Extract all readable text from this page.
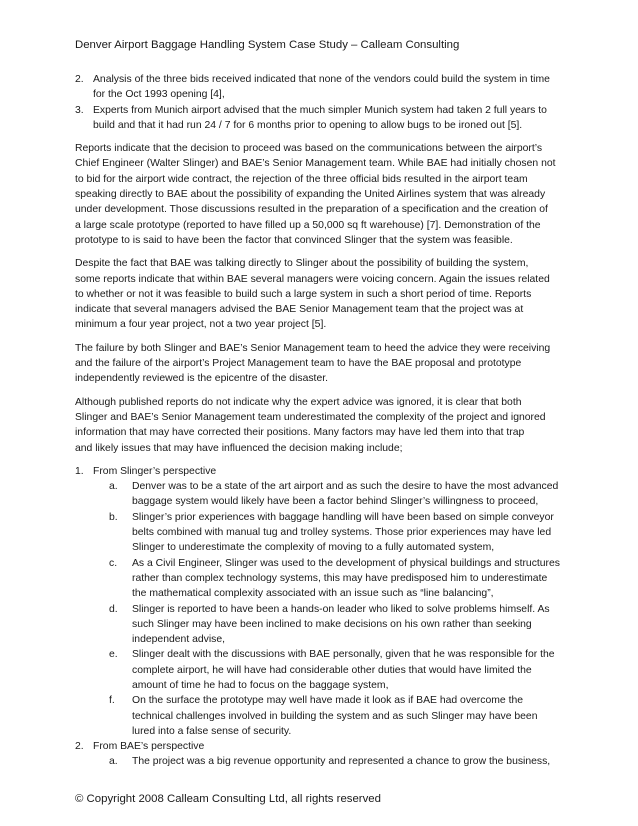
Denver Airport Baggage Handling System Case Study – Calleam Consulting
2. Analysis of the three bids received indicated that none of the vendors could build the system in time
for the Oct 1993 opening [4],
3. Experts from Munich airport advised that the much simpler Munich system had taken 2 full years to
build and that it had run 24 / 7 for 6 months prior to opening to allow bugs to be ironed out [5].
Reports indicate that the decision to proceed was based on the communications between the airport’s
Chief Engineer (Walter Slinger) and BAE’s Senior Management team. While BAE had initially chosen not
to bid for the airport wide contract, the rejection of the three official bids resulted in the airport team
speaking directly to BAE about the possibility of expanding the United Airlines system that was already
under development. Those discussions resulted in the preparation of a specification and the creation of
a large scale prototype (reported to have filled up a 50,000 sq ft warehouse) [7]. Demonstration of the
prototype to is said to have been the factor that convinced Slinger that the system was feasible.
Despite the fact that BAE was talking directly to Slinger about the possibility of building the system,
some reports indicate that within BAE several managers were voicing concern. Again the issues related
to whether or not it was feasible to build such a large system in such a short period of time. Reports
indicate that several managers advised the BAE Senior Management team that the project was at
minimum a four year project, not a two year project [5].
The failure by both Slinger and BAE’s Senior Management team to heed the advice they were receiving
and the failure of the airport’s Project Management team to have the BAE proposal and prototype
independently reviewed is the epicentre of the disaster.
Although published reports do not indicate why the expert advice was ignored, it is clear that both
Slinger and BAE’s Senior Management team underestimated the complexity of the project and ignored
information that may have corrected their positions. Many factors may have led them into that trap
and likely issues that may have influenced the decision making include;
1. From Slinger’s perspective
a. Denver was to be a state of the art airport and as such the desire to have the most advanced
baggage system would likely have been a factor behind Slinger’s willingness to proceed,
b. Slinger’s prior experiences with baggage handling will have been based on simple conveyor
belts combined with manual tug and trolley systems. Those prior experiences may have led
Slinger to underestimate the complexity of moving to a fully automated system,
c. As a Civil Engineer, Slinger was used to the development of physical buildings and structures
rather than complex technology systems, this may have predisposed him to underestimate
the mathematical complexity associated with an issue such as “line balancing”,
d. Slinger is reported to have been a hands-on leader who liked to solve problems himself. As
such Slinger may have been inclined to make decisions on his own rather than seeking
independent advise,
e. Slinger dealt with the discussions with BAE personally, given that he was responsible for the
complete airport, he will have had considerable other duties that would have limited the
amount of time he had to focus on the baggage system,
f. On the surface the prototype may well have made it look as if BAE had overcome the
technical challenges involved in building the system and as such Slinger may have been
lured into a false sense of security.
2. From BAE’s perspective
a. The project was a big revenue opportunity and represented a chance to grow the business,
© Copyright 2008 Calleam Consulting Ltd, all rights reserved
